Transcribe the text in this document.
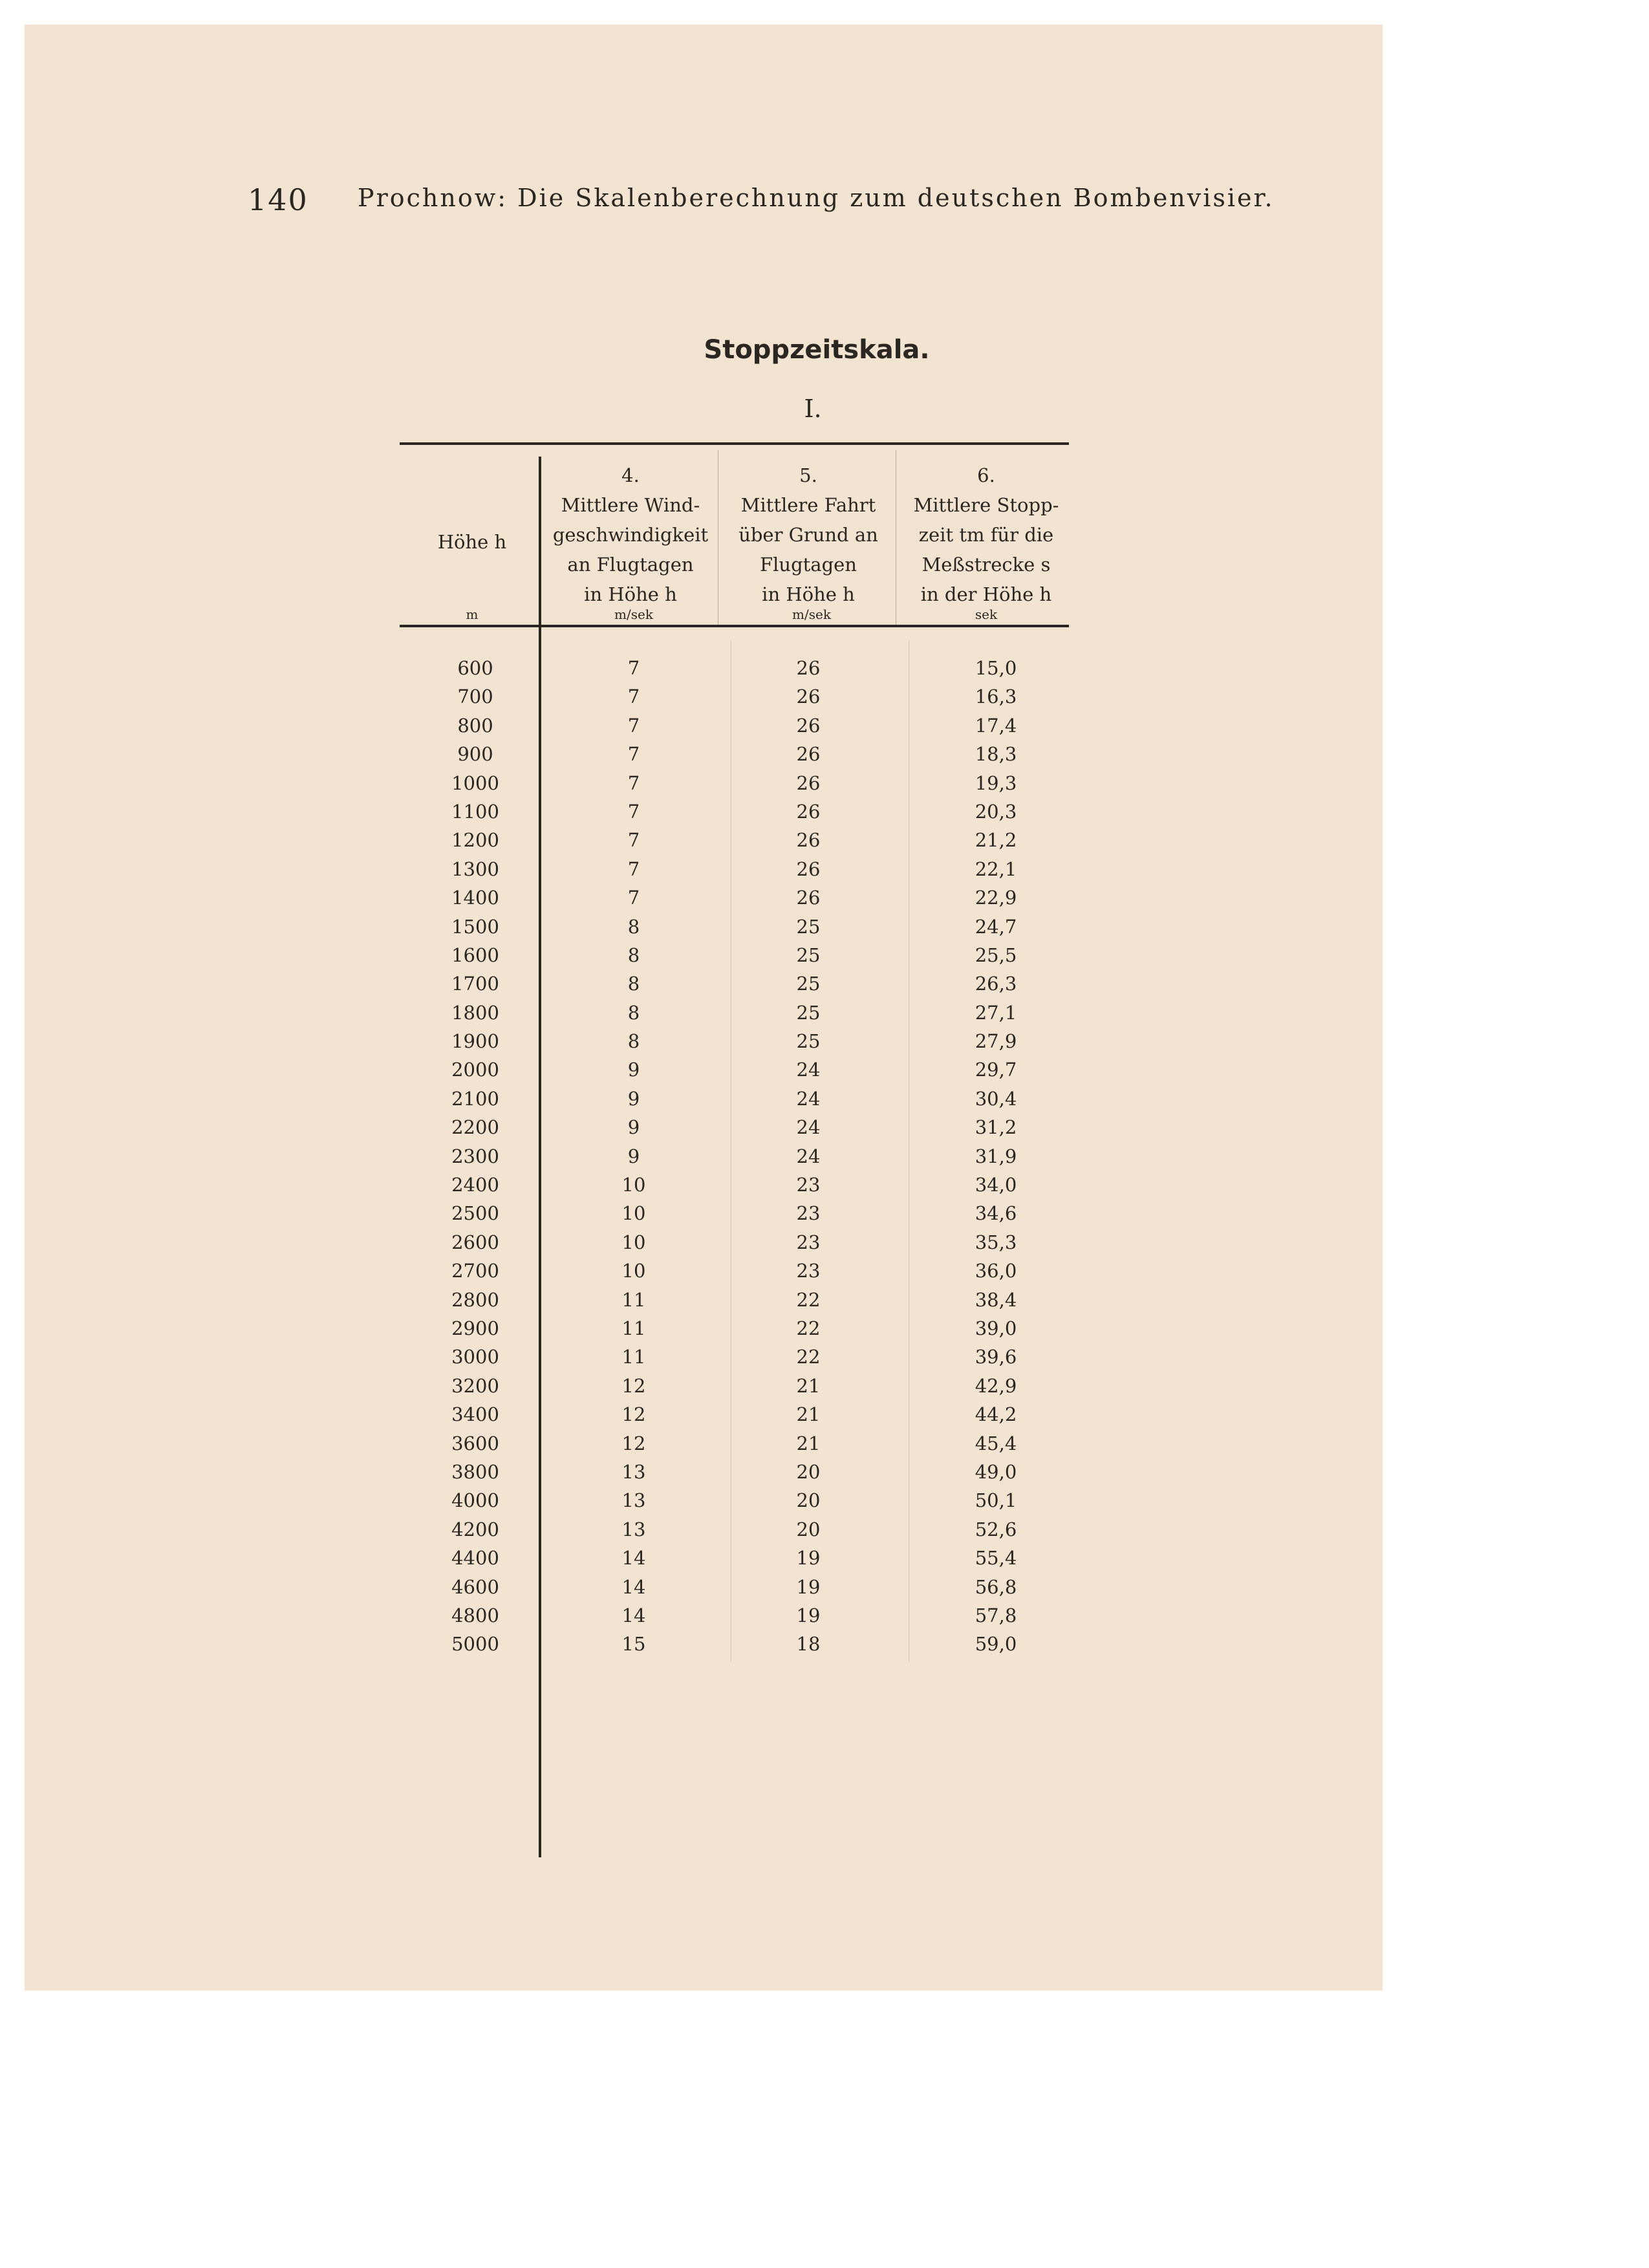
140 Prochnow: Die Skalenberechnung zum deutschen Bombenvisier.
Stoppzeitskala.
I.
Höhe h
m
4.
Mittlere Wind-
geschwindigkeit
an Flugtagen
in Höhe h
m/sek
5.
Mittlere Fahrt
über Grund an
Flugtagen
in Höhe h
m/sek
6.
Mittlere Stopp-
zeit tm für die
Meßstrecke s
in der Höhe h
sek
600	7	26	15,0
700	7	26	16,3
800	7	26	17,4
900	7	26	18,3
1000	7	26	19,3
1100	7	26	20,3
1200	7	26	21,2
1300	7	26	22,1
1400	7	26	22,9
1500	8	25	24,7
1600	8	25	25,5
1700	8	25	26,3
1800	8	25	27,1
1900	8	25	27,9
2000	9	24	29,7
2100	9	24	30,4
2200	9	24	31,2
2300	9	24	31,9
2400	10	23	34,0
2500	10	23	34,6
2600	10	23	35,3
2700	10	23	36,0
2800	11	22	38,4
2900	11	22	39,0
3000	11	22	39,6
3200	12	21	42,9
3400	12	21	44,2
3600	12	21	45,4
3800	13	20	49,0
4000	13	20	50,1
4200	13	20	52,6
4400	14	19	55,4
4600	14	19	56,8
4800	14	19	57,8
5000	15	18	59,0
